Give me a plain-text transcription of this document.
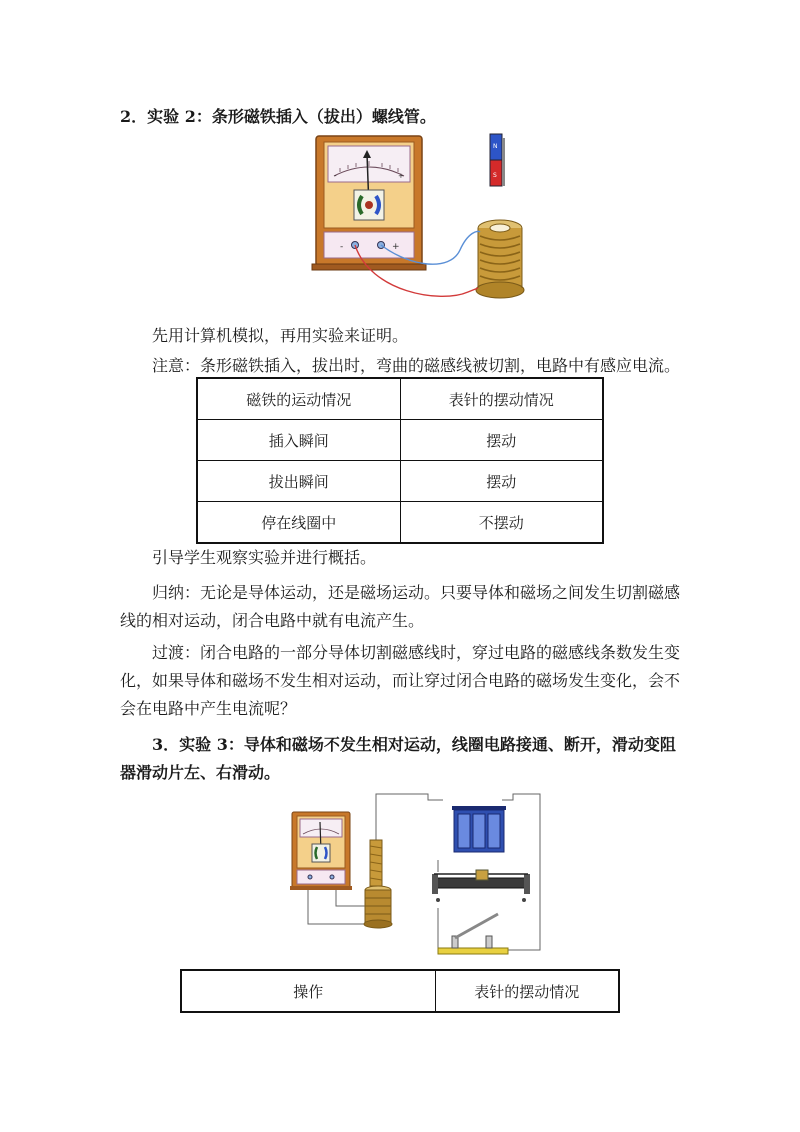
2．实验 2：条形磁铁插入（拔出）螺线管。

-	+
-	+
N
S

先用计算机模拟，再用实验来证明。

注意：条形磁铁插入，拔出时，弯曲的磁感线被切割，电路中有感应电流。

磁铁的运动情况	表针的摆动情况
插入瞬间	摆动
拔出瞬间	摆动
停在线圈中	不摆动

引导学生观察实验并进行概括。

归纳：无论是导体运动，还是磁场运动。只要导体和磁场之间发生切割磁感线的相对运动，闭合电路中就有电流产生。

过渡：闭合电路的一部分导体切割磁感线时，穿过电路的磁感线条数发生变化，如果导体和磁场不发生相对运动，而让穿过闭合电路的磁场发生变化，会不会在电路中产生电流呢？

3．实验 3：导体和磁场不发生相对运动，线圈电路接通、断开，滑动变阻器滑动片左、右滑动。

操作	表针的摆动情况
